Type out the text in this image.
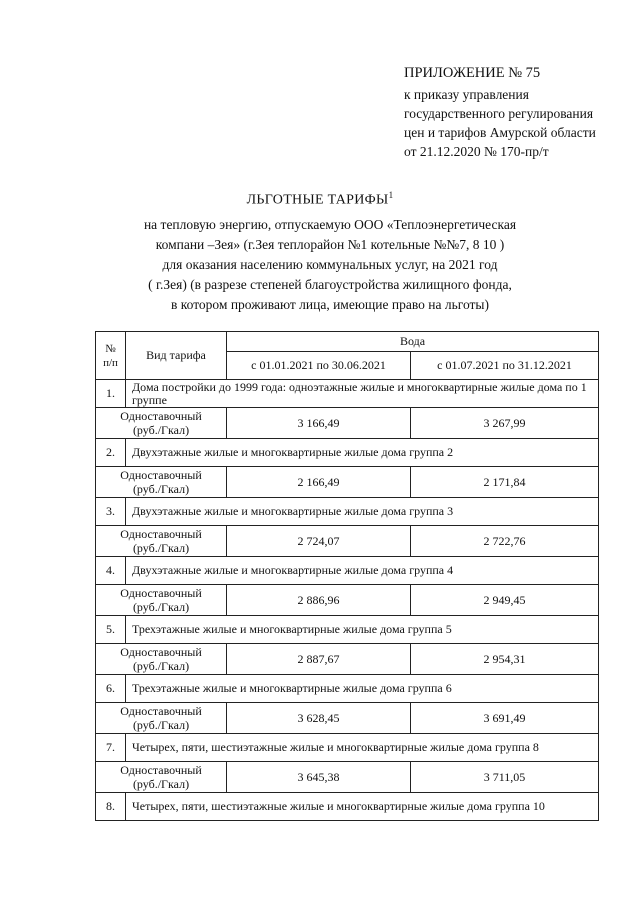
ПРИЛОЖЕНИЕ № 75
к приказу управления
государственного регулирования
цен и тарифов Амурской области
от 21.12.2020 № 170-пр/т
ЛЬГОТНЫЕ ТАРИФЫ$^1$
на тепловую энергию, отпускаемую ООО «Теплоэнергетическая
компани –Зея» (г.Зея теплорайон №1 котельные №№7, 8 10 )
для оказания населению коммунальных услуг, на 2021 год
( г.Зея) (в разрезе степеней благоустройства жилищного фонда,
в котором проживают лица, имеющие право на льготы)
№
п/п	Вид тарифа	Вода	
		с 01.01.2021 по 30.06.2021	с 01.07.2021 по 31.12.2021
1.	Дома постройки до 1999 года: одноэтажные жилые и многоквартирные жилые дома по 1 группе		

Одноставочный
(руб./Гкал)		3 166,49	3 267,99
2.	Двухэтажные жилые и многоквартирные жилые дома группа 2		

Одноставочный
(руб./Гкал)		2 166,49	2 171,84
3.	Двухэтажные жилые и многоквартирные жилые дома группа 3		

Одноставочный
(руб./Гкал)		2 724,07	2 722,76
4.	Двухэтажные жилые и многоквартирные жилые дома группа 4		

Одноставочный
(руб./Гкал)		2 886,96	2 949,45
5.	Трехэтажные жилые и многоквартирные жилые дома группа 5		

Одноставочный
(руб./Гкал)		2 887,67	2 954,31
6.	Трехэтажные жилые и многоквартирные жилые дома группа 6		

Одноставочный
(руб./Гкал)		3 628,45	3 691,49
7.	Четырех, пяти, шестиэтажные жилые и многоквартирные жилые дома группа 8		

Одноставочный
(руб./Гкал)		3 645,38	3 711,05
8.	Четырех, пяти, шестиэтажные жилые и многоквартирные жилые дома группа 10		
